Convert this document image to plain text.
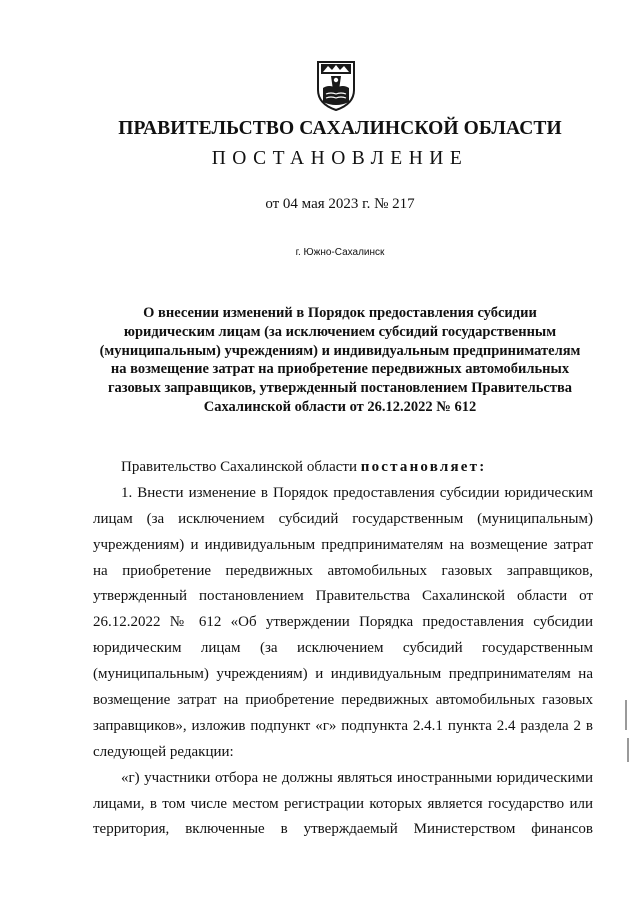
ПРАВИТЕЛЬСТВО САХАЛИНСКОЙ ОБЛАСТИ
ПОСТАНОВЛЕНИЕ
от 04 мая 2023 г. № 217
г. Южно-Сахалинск
О внесении изменений в Порядок предоставления субсидии
юридическим лицам (за исключением субсидий государственным
(муниципальным) учреждениям) и индивидуальным предпринимателям
на возмещение затрат на приобретение передвижных автомобильных
газовых заправщиков, утвержденный постановлением Правительства
Сахалинской области от 26.12.2022 № 612
Правительство Сахалинской области постановляет:
1. Внести изменение в Порядок предоставления субсидии юридическим
лицам (за исключением субсидий государственным (муниципальным)
учреждениям) и индивидуальным предпринимателям на возмещение затрат
на приобретение передвижных автомобильных газовых заправщиков,
утвержденный постановлением Правительства Сахалинской области от
26.12.2022 № 612 «Об утверждении Порядка предоставления субсидии
юридическим лицам (за исключением субсидий государственным
(муниципальным) учреждениям) и индивидуальным предпринимателям на
возмещение затрат на приобретение передвижных автомобильных газовых
заправщиков», изложив подпункт «г» подпункта 2.4.1 пункта 2.4 раздела 2 в
следующей редакции:
«г) участники отбора не должны являться иностранными юридическими
лицами, в том числе местом регистрации которых является государство или
территория, включенные в утверждаемый Министерством финансов
